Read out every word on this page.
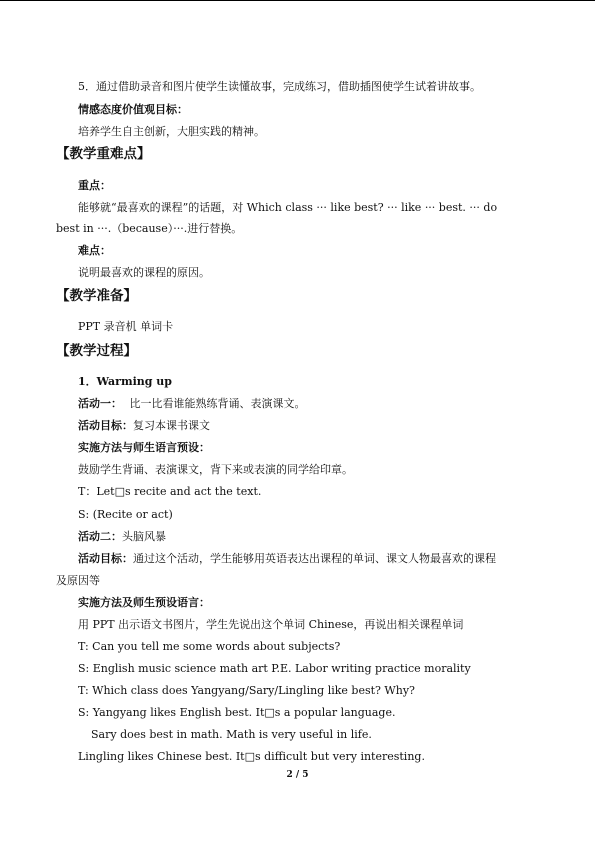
5．通过借助录音和图片使学生读懂故事，完成练习，借助插图使学生试着讲故事。
情感态度价值观目标：
培养学生自主创新，大胆实践的精神。
【教学重难点】
重点：
能够就“最喜欢的课程”的话题，对 Which class ··· like best? ··· like ··· best. ··· do
best in ···.（because）···.进行替换。
难点：
说明最喜欢的课程的原因。
【教学准备】
PPT 录音机 单词卡
【教学过程】
1．Warming up
活动一： 比一比看谁能熟练背诵、表演课文。
活动目标：复习本课书课文
实施方法与师生语言预设：
鼓励学生背诵、表演课文，背下来或表演的同学给印章。
T：Let□s recite and act the text.
S: (Recite or act)
活动二：头脑风暴
活动目标：通过这个活动，学生能够用英语表达出课程的单词、课文人物最喜欢的课程
及原因等
实施方法及师生预设语言：
用 PPT 出示语文书图片，学生先说出这个单词 Chinese，再说出相关课程单词
T: Can you tell me some words about subjects?
S: English music science math art P.E. Labor writing practice morality
T: Which class does Yangyang/Sary/Lingling like best? Why?
S: Yangyang likes English best. It□s a popular language.
Sary does best in math. Math is very useful in life.
Lingling likes Chinese best. It□s difficult but very interesting.
2 / 5
